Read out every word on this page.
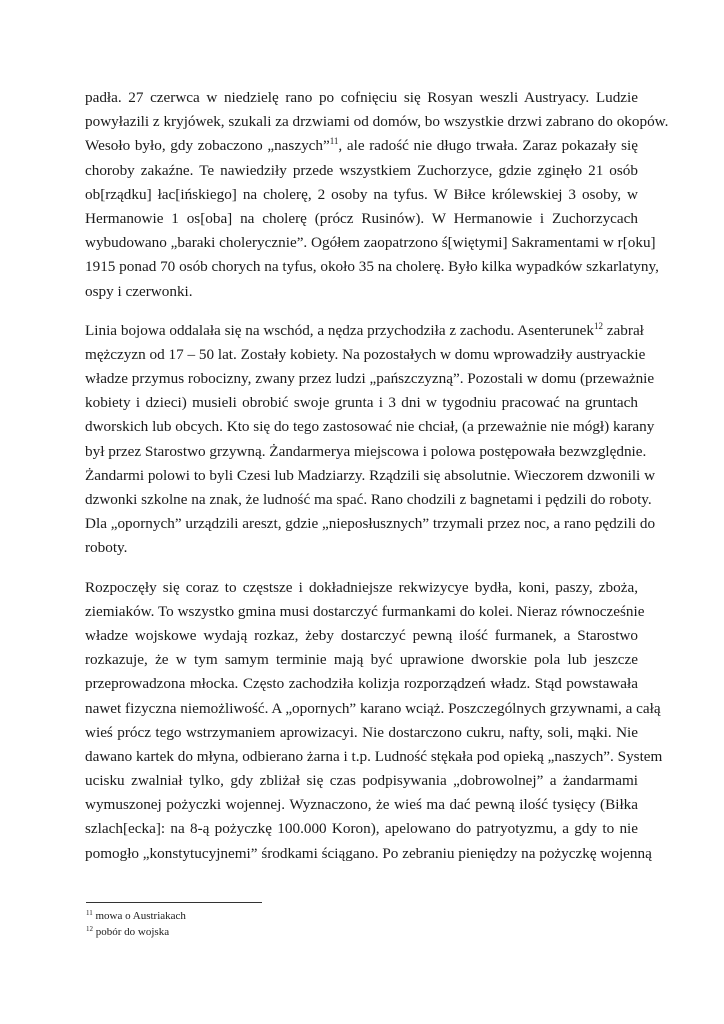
padła. 27 czerwca w niedzielę rano po cofnięciu się Rosyan weszli Austryacy. Ludzie
powyłazili z kryjówek, szukali za drzwiami od domów, bo wszystkie drzwi zabrano do okopów.
Wesoło było, gdy zobaczono „naszych”$^{11}$, ale radość nie długo trwała. Zaraz pokazały się
choroby zakaźne. Te nawiedziły przede wszystkiem Zuchorzyce, gdzie zginęło 21 osób
ob[rządku] łac[ińskiego] na cholerę, 2 osoby na tyfus. W Biłce królewskiej 3 osoby, w
Hermanowie 1 os[oba] na cholerę (prócz Rusinów). W Hermanowie i Zuchorzycach
wybudowano „baraki cholerycznie”. Ogółem zaopatrzono ś[więtymi] Sakramentami w r[oku]
1915 ponad 70 osób chorych na tyfus, około 35 na cholerę. Było kilka wypadków szkarlatyny,
ospy i czerwonki.
Linia bojowa oddalała się na wschód, a nędza przychodziła z zachodu. Asenterunek$^{12}$ zabrał
mężczyzn od 17 – 50 lat. Zostały kobiety. Na pozostałych w domu wprowadziły austryackie
władze przymus robocizny, zwany przez ludzi „pańszczyzną”. Pozostali w domu (przeważnie
kobiety i dzieci) musieli obrobić swoje grunta i 3 dni w tygodniu pracować na gruntach
dworskich lub obcych. Kto się do tego zastosować nie chciał, (a przeważnie nie mógł) karany
był przez Starostwo grzywną. Żandarmerya miejscowa i polowa postępowała bezwzględnie.
Żandarmi polowi to byli Czesi lub Madziarzy. Rządzili się absolutnie. Wieczorem dzwonili w
dzwonki szkolne na znak, że ludność ma spać. Rano chodzili z bagnetami i pędzili do roboty.
Dla „opornych” urządzili areszt, gdzie „nieposłusznych” trzymali przez noc, a rano pędzili do
roboty.
Rozpoczęły się coraz to częstsze i dokładniejsze rekwizycye bydła, koni, paszy, zboża,
ziemiaków. To wszystko gmina musi dostarczyć furmankami do kolei. Nieraz równocześnie
władze wojskowe wydają rozkaz, żeby dostarczyć pewną ilość furmanek, a Starostwo
rozkazuje, że w tym samym terminie mają być uprawione dworskie pola lub jeszcze
przeprowadzona młocka. Często zachodziła kolizja rozporządzeń władz. Stąd powstawała
nawet fizyczna niemożliwość. A „opornych” karano wciąż. Poszczególnych grzywnami, a całą
wieś prócz tego wstrzymaniem aprowizacyi. Nie dostarczono cukru, nafty, soli, mąki. Nie
dawano kartek do młyna, odbierano żarna i t.p. Ludność stękała pod opieką „naszych”. System
ucisku zwalniał tylko, gdy zbliżał się czas podpisywania „dobrowolnej” a żandarmami
wymuszonej pożyczki wojennej. Wyznaczono, że wieś ma dać pewną ilość tysięcy (Biłka
szlach[ecka]: na 8-ą pożyczkę 100.000 Koron), apelowano do patryotyzmu, a gdy to nie
pomogło „konstytucyjnemi” środkami ściągano. Po zebraniu pieniędzy na pożyczkę wojenną
$^{11}$ mowa o Austriakach
$^{12}$ pobór do wojska
